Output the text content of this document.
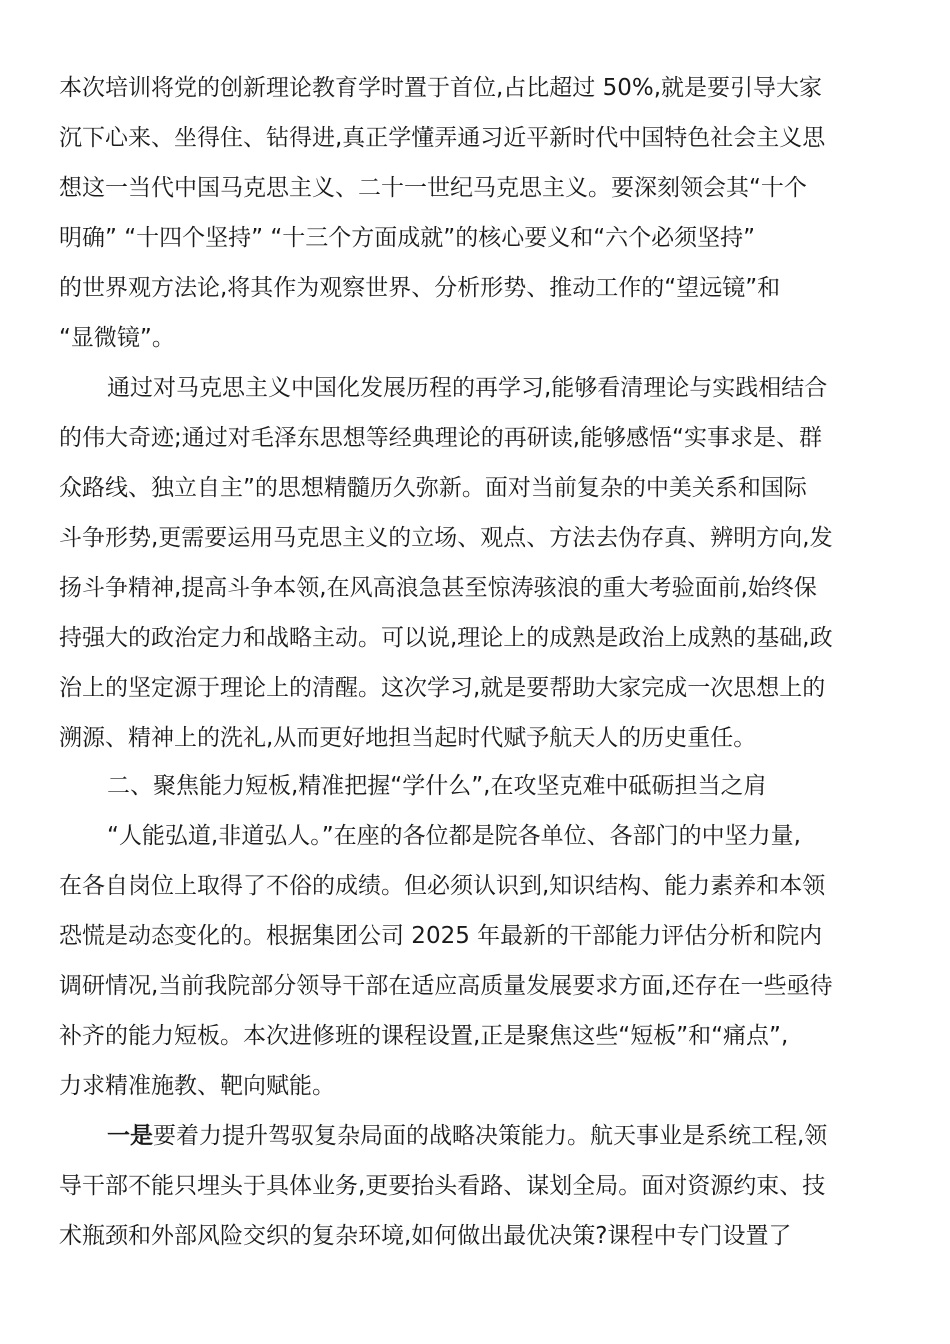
本次培训将党的创新理论教育学时置于首位,占比超过 50%,就是要引导大家
沉下心来、坐得住、钻得进,真正学懂弄通习近平新时代中国特色社会主义思
想这一当代中国马克思主义、二十一世纪马克思主义。要深刻领会其“十个
明确” “十四个坚持” “十三个方面成就”的核心要义和“六个必须坚持”
的世界观方法论,将其作为观察世界、分析形势、推动工作的“望远镜”和
“显微镜”。
通过对马克思主义中国化发展历程的再学习,能够看清理论与实践相结合
的伟大奇迹;通过对毛泽东思想等经典理论的再研读,能够感悟“实事求是、群
众路线、独立自主”的思想精髓历久弥新。面对当前复杂的中美关系和国际
斗争形势,更需要运用马克思主义的立场、观点、方法去伪存真、辨明方向,发
扬斗争精神,提高斗争本领,在风高浪急甚至惊涛骇浪的重大考验面前,始终保
持强大的政治定力和战略主动。可以说,理论上的成熟是政治上成熟的基础,政
治上的坚定源于理论上的清醒。这次学习,就是要帮助大家完成一次思想上的
溯源、精神上的洗礼,从而更好地担当起时代赋予航天人的历史重任。
二、聚焦能力短板,精准把握“学什么”,在攻坚克难中砥砺担当之肩
“人能弘道,非道弘人。”在座的各位都是院各单位、各部门的中坚力量,
在各自岗位上取得了不俗的成绩。但必须认识到,知识结构、能力素养和本领
恐慌是动态变化的。根据集团公司 2025 年最新的干部能力评估分析和院内
调研情况,当前我院部分领导干部在适应高质量发展要求方面,还存在一些亟待
补齐的能力短板。本次进修班的课程设置,正是聚焦这些“短板”和“痛点”,
力求精准施教、靶向赋能。
一是要着力提升驾驭复杂局面的战略决策能力。航天事业是系统工程,领
导干部不能只埋头于具体业务,更要抬头看路、谋划全局。面对资源约束、技
术瓶颈和外部风险交织的复杂环境,如何做出最优决策?课程中专门设置了
